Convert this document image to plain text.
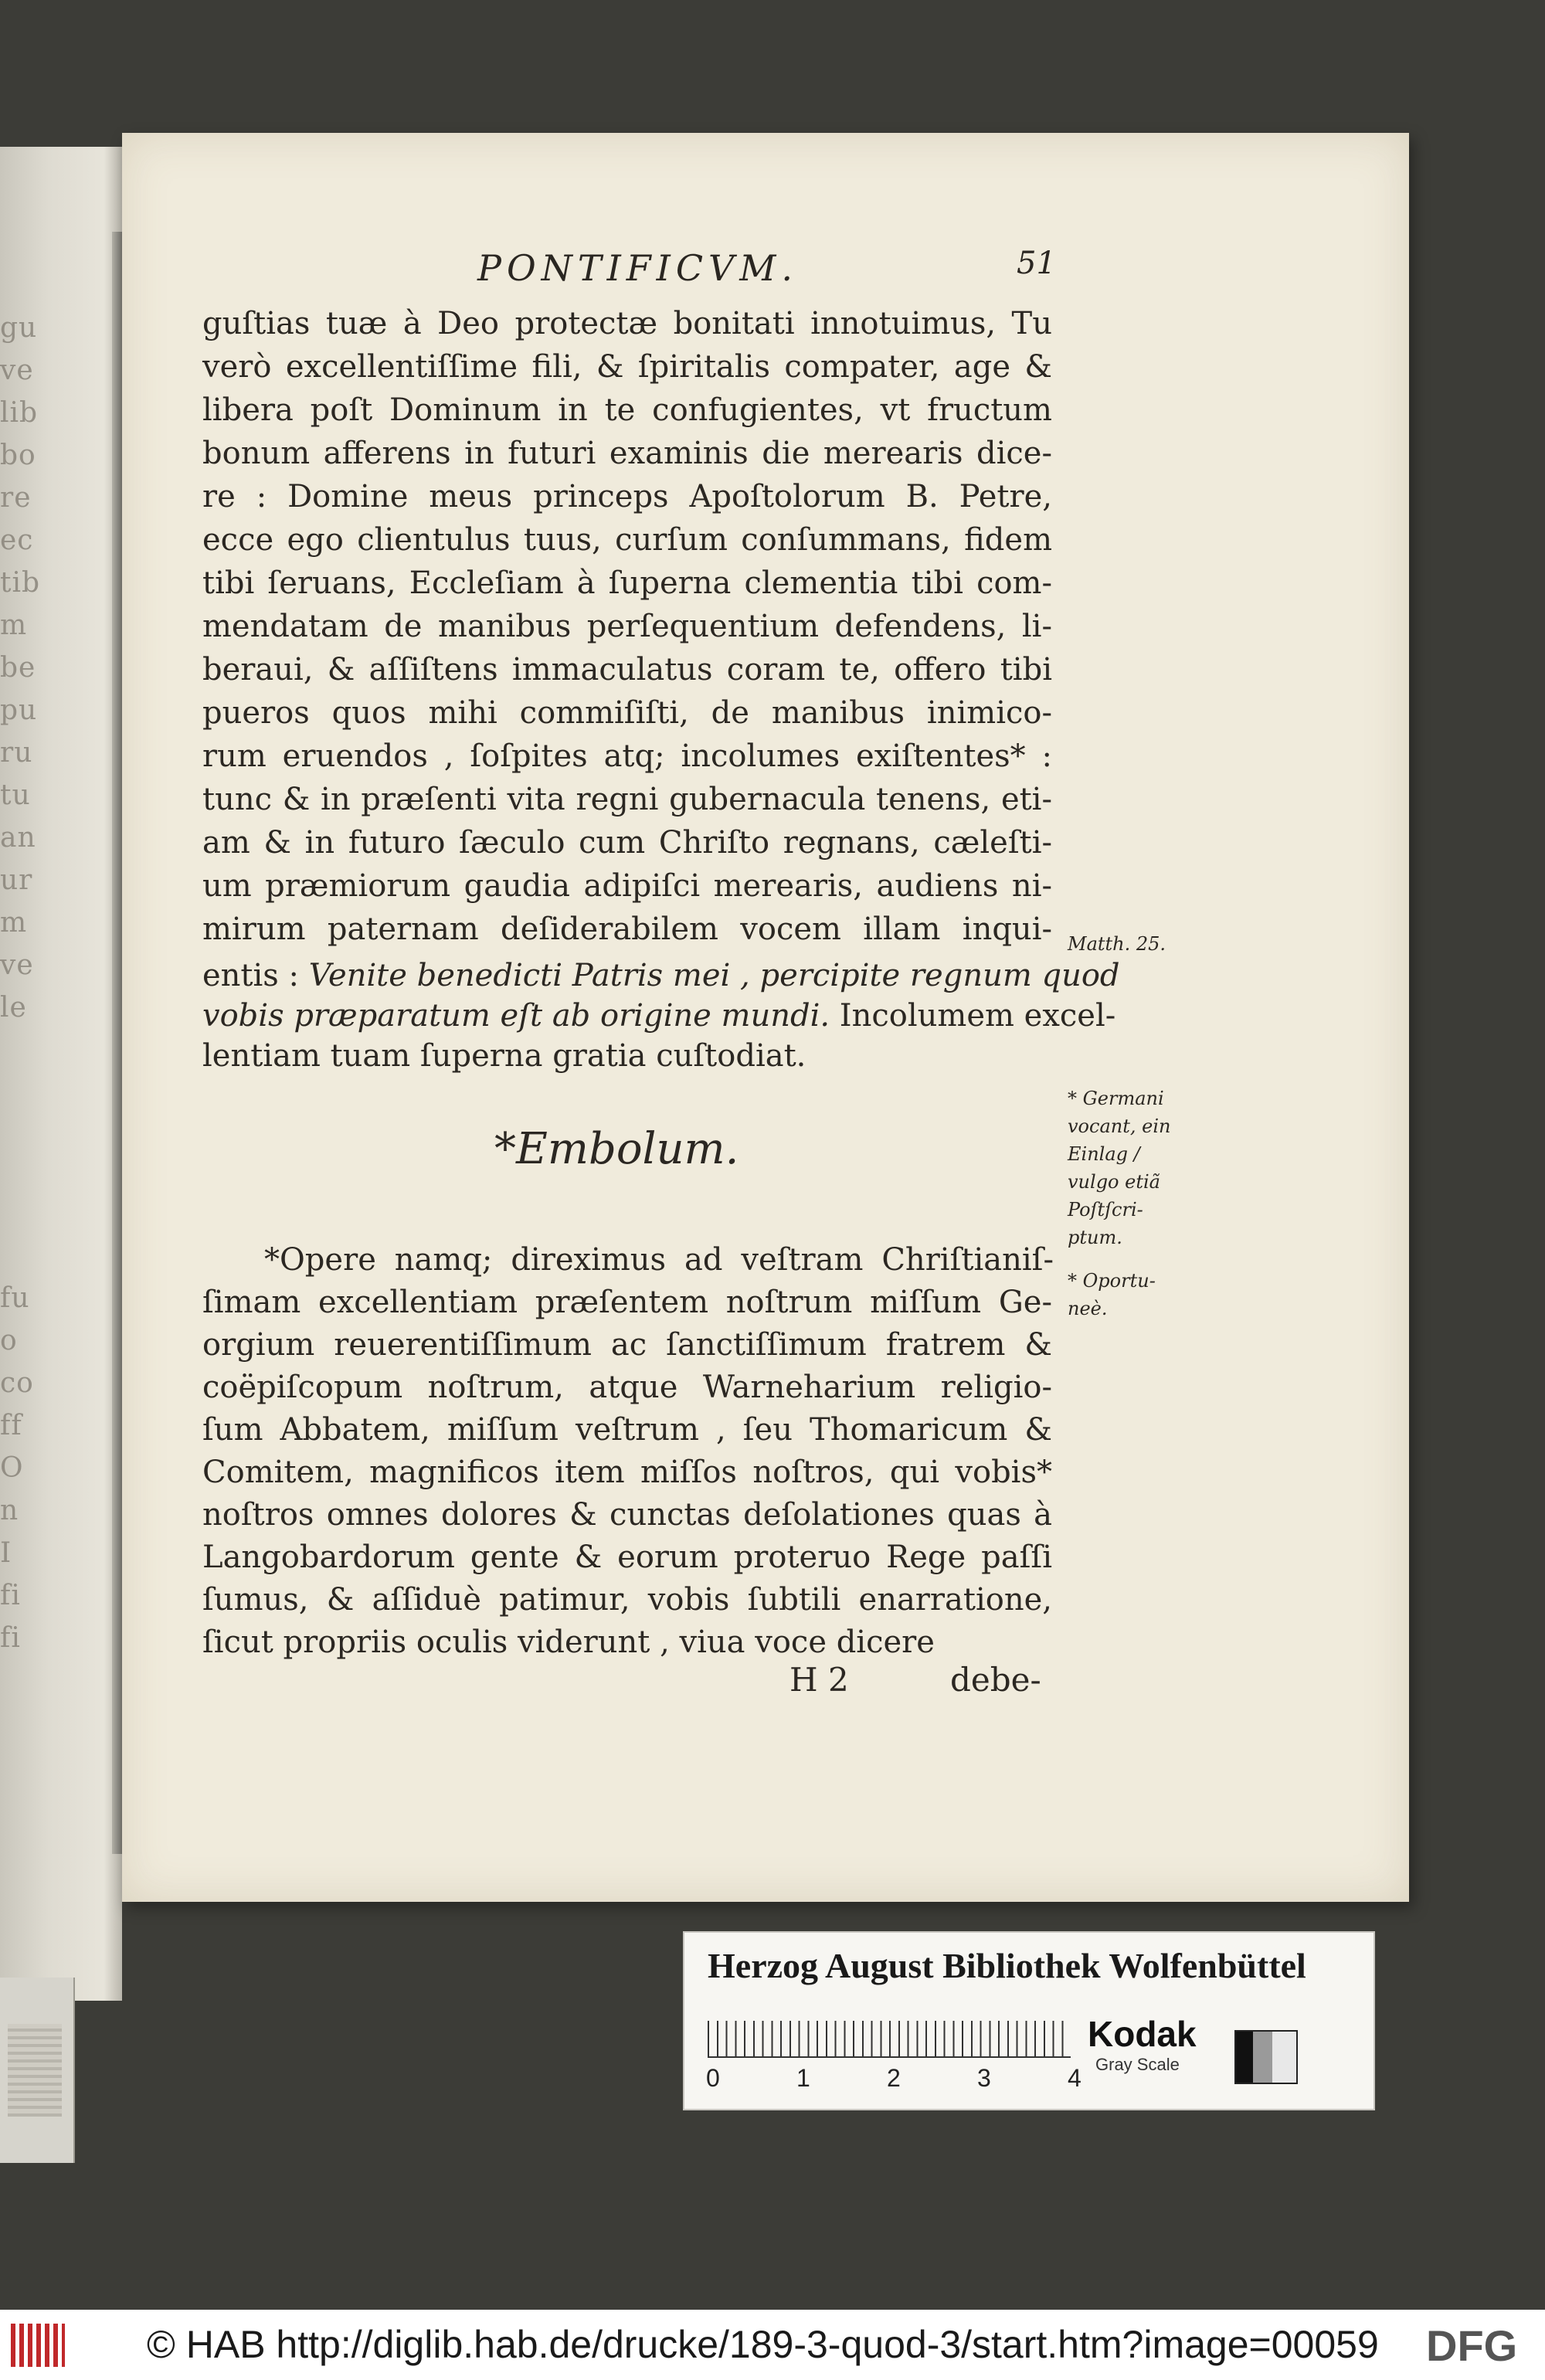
gu
ve
lib
bo
re
ec
tib
m
be
pu
ru
tu
an
ur
m
ve
le
fu
o
co
ff
O
n
I
fi
fi
PONTIFICVM.	51
guſtias tuæ à Deo protectæ bonitati innotuimus, Tu
verò excellentiſſime fili, & ſpiritalis compater, age &
libera poſt Dominum in te confugientes, vt fructum
bonum afferens in futuri examinis die merearis dice-
re : Domine meus princeps Apoſtolorum B. Petre,
ecce ego clientulus tuus, curſum conſummans, fidem
tibi ſeruans, Eccleſiam à ſuperna clementia tibi com-
mendatam de manibus perſequentium defendens, li-
beraui, & aſſiſtens immaculatus coram te, offero tibi
pueros quos mihi commiſiſti, de manibus inimico-
rum eruendos , ſoſpites atq; incolumes exiſtentes* :
tunc & in præſenti vita regni gubernacula tenens, eti-
am & in futuro ſæculo cum Chriſto regnans, cæleſti-
um præmiorum gaudia adipiſci merearis, audiens ni-
mirum paternam deſiderabilem vocem illam inqui-
entis : Venite benedicti Patris mei , percipite regnum quod
vobis præparatum eſt ab origine mundi. Incolumem excel-
lentiam tuam ſuperna gratia cuſtodiat.
*Embolum.
*Opere namq; direximus ad veſtram Chriſtianiſ-
ſimam excellentiam præſentem noſtrum miſſum Ge-
orgium reuerentiſſimum ac ſanctiſſimum fratrem &
coëpiſcopum noſtrum, atque Warneharium religio-
ſum Abbatem, miſſum veſtrum , ſeu Thomaricum &
Comitem, magnificos item miſſos noſtros, qui vobis*
noſtros omnes dolores & cunctas deſolationes quas à
Langobardorum gente & eorum proteruo Rege paſſi
ſumus, & aſſiduè patimur, vobis ſubtili enarratione,
ſicut propriis oculis viderunt , viua voce dicere
Matth. 25.
* Germani
vocant, ein
Einlag /
vulgo etiã
Poſtſcri-
ptum.
* Oportu-
neè.
H 2	debe-
Herzog August Bibliothek Wolfenbüttel
0	1	2	3	4
Kodak
Gray Scale
© HAB http://diglib.hab.de/drucke/189-3-quod-3/start.htm?image=00059 DFG
